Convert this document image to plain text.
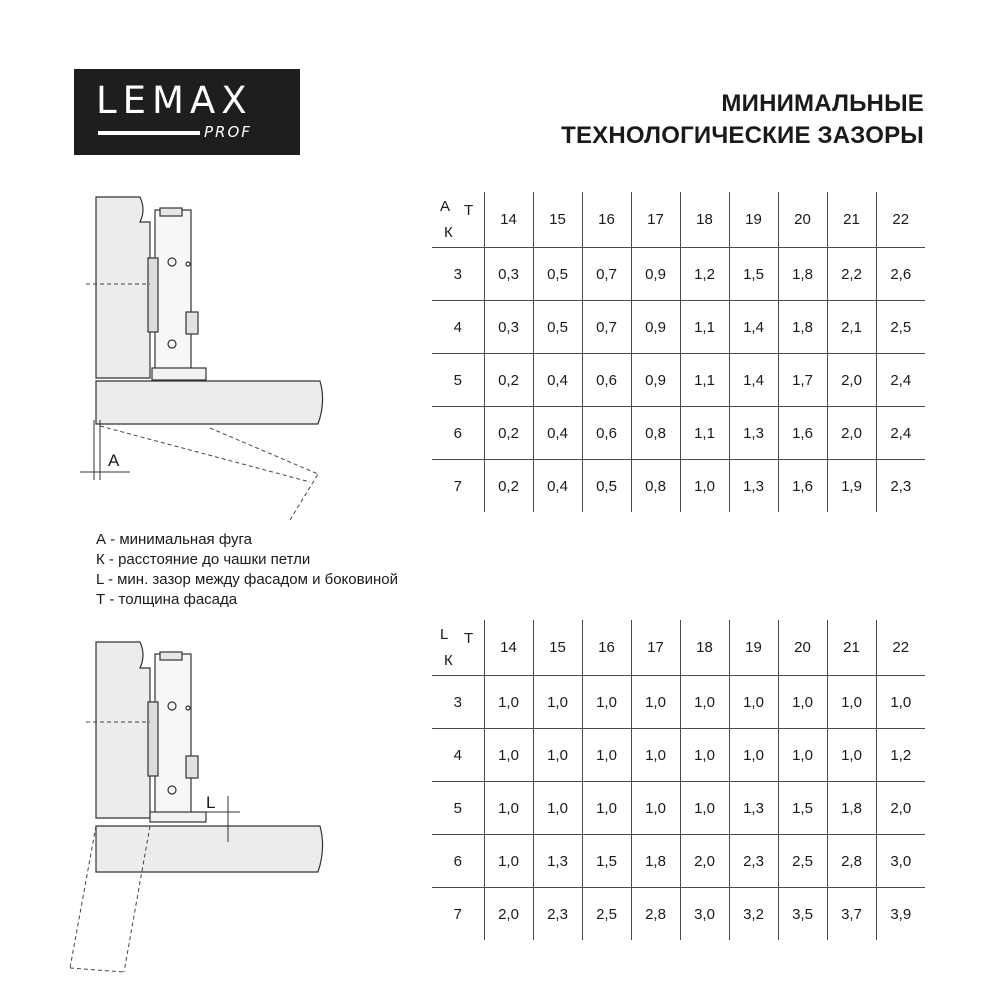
LEMAX
PROF
МИНИМАЛЬНЫЕ
ТЕХНОЛОГИЧЕСКИЕ ЗАЗОРЫ
A
А Т
К	14	15	16	17	18	19	20	21	22
3	0,3	0,5	0,7	0,9	1,2	1,5	1,8	2,2	2,6
4	0,3	0,5	0,7	0,9	1,1	1,4	1,8	2,1	2,5
5	0,2	0,4	0,6	0,9	1,1	1,4	1,7	2,0	2,4
6	0,2	0,4	0,6	0,8	1,1	1,3	1,6	2,0	2,4
7	0,2	0,4	0,5	0,8	1,0	1,3	1,6	1,9	2,3
А - минимальная фуга
К - расстояние до чашки петли
L - мин. зазор между фасадом и боковиной
Т - толщина фасада
L
L Т
К	14	15	16	17	18	19	20	21	22
3	1,0	1,0	1,0	1,0	1,0	1,0	1,0	1,0	1,0
4	1,0	1,0	1,0	1,0	1,0	1,0	1,0	1,0	1,2
5	1,0	1,0	1,0	1,0	1,0	1,3	1,5	1,8	2,0
6	1,0	1,3	1,5	1,8	2,0	2,3	2,5	2,8	3,0
7	2,0	2,3	2,5	2,8	3,0	3,2	3,5	3,7	3,9
